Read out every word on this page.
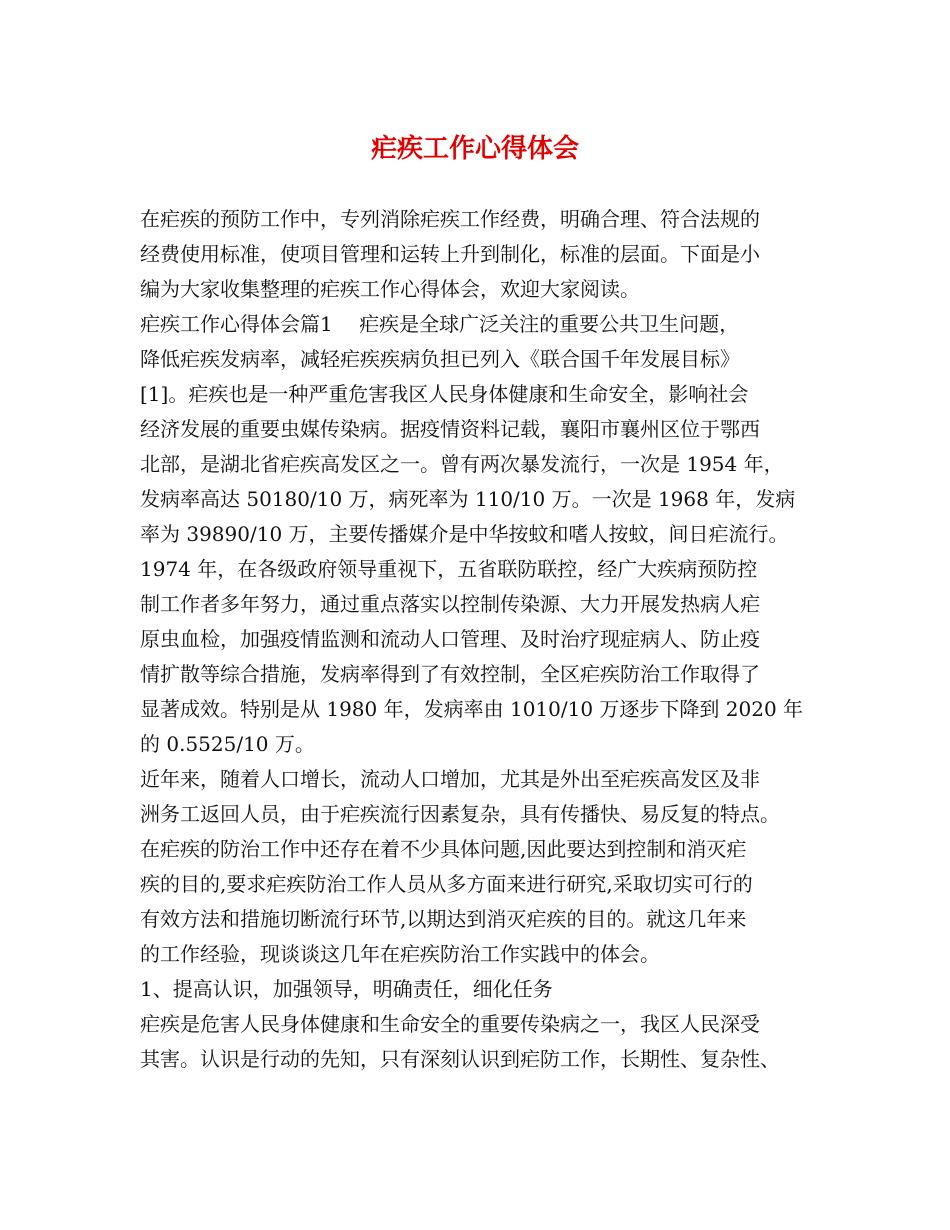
疟疾工作心得体会

在疟疾的预防工作中，专列消除疟疾工作经费，明确合理、符合法规的

经费使用标准，使项目管理和运转上升到制化，标准的层面。下面是小

编为大家收集整理的疟疾工作心得体会，欢迎大家阅读。

疟疾工作心得体会篇1　 疟疾是全球广泛关注的重要公共卫生问题，

降低疟疾发病率，减轻疟疾疾病负担已列入《联合国千年发展目标》

[1]。疟疾也是一种严重危害我区人民身体健康和生命安全，影响社会

经济发展的重要虫媒传染病。据疫情资料记载，襄阳市襄州区位于鄂西

北部，是湖北省疟疾高发区之一。曾有两次暴发流行，一次是 1954 年，

发病率高达 50180/10 万，病死率为 110/10 万。一次是 1968 年，发病

率为 39890/10 万，主要传播媒介是中华按蚊和嗜人按蚊，间日疟流行。

1974 年，在各级政府领导重视下，五省联防联控，经广大疾病预防控

制工作者多年努力，通过重点落实以控制传染源、大力开展发热病人疟

原虫血检，加强疫情监测和流动人口管理、及时治疗现症病人、防止疫

情扩散等综合措施，发病率得到了有效控制，全区疟疾防治工作取得了

显著成效。特别是从 1980 年，发病率由 1010/10 万逐步下降到 2020 年

的 0.5525/10 万。

近年来，随着人口增长，流动人口增加，尤其是外出至疟疾高发区及非

洲务工返回人员，由于疟疾流行因素复杂，具有传播快、易反复的特点。

在疟疾的防治工作中还存在着不少具体问题,因此要达到控制和消灭疟

疾的目的,要求疟疾防治工作人员从多方面来进行研究,采取切实可行的

有效方法和措施切断流行环节,以期达到消灭疟疾的目的。就这几年来

的工作经验，现谈谈这几年在疟疾防治工作实践中的体会。

1、提高认识，加强领导，明确责任，细化任务

疟疾是危害人民身体健康和生命安全的重要传染病之一，我区人民深受

其害。认识是行动的先知，只有深刻认识到疟防工作，长期性、复杂性、
